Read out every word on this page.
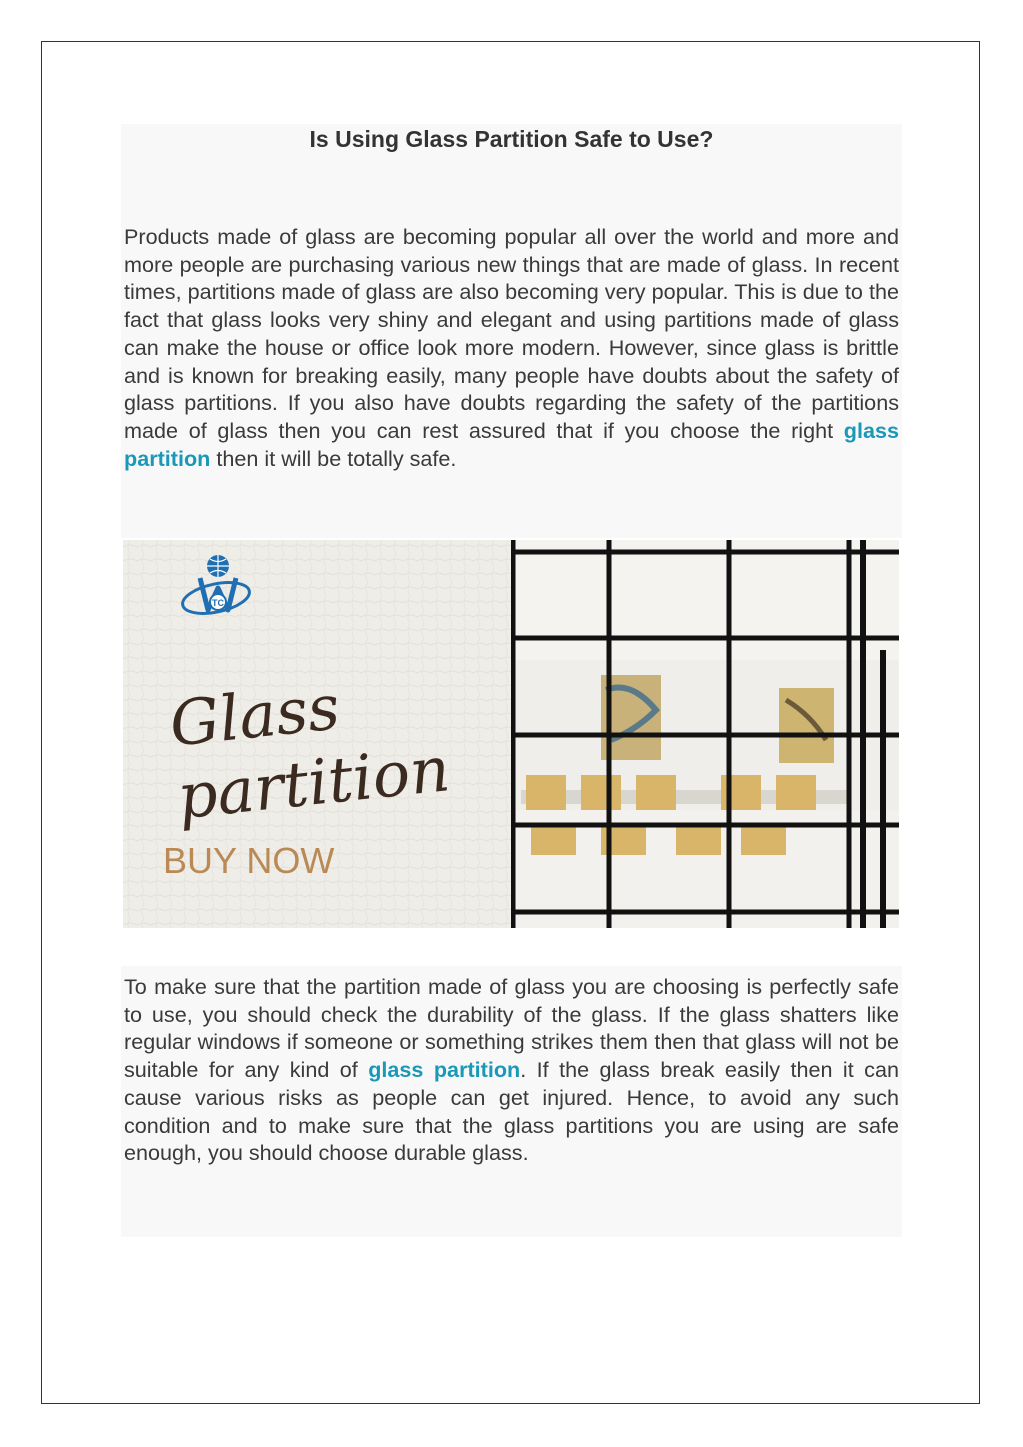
Is Using Glass Partition Safe to Use?

Products made of glass are becoming popular all over the world and more and more people are purchasing various new things that are made of glass. In recent times, partitions made of glass are also becoming very popular. This is due to the fact that glass looks very shiny and elegant and using partitions made of glass can make the house or office look more modern. However, since glass is brittle and is known for breaking easily, many people have doubts about the safety of glass partitions. If you also have doubts regarding the safety of the partitions made of glass then you can rest assured that if you choose the right glass partition then it will be totally safe.

TC
Glass partition
BUY NOW

To make sure that the partition made of glass you are choosing is perfectly safe to use, you should check the durability of the glass. If the glass shatters like regular windows if someone or something strikes them then that glass will not be suitable for any kind of glass partition. If the glass break easily then it can cause various risks as people can get injured. Hence, to avoid any such condition and to make sure that the glass partitions you are using are safe enough, you should choose durable glass.
